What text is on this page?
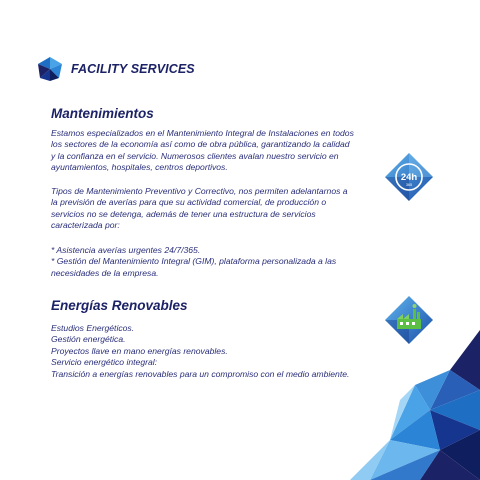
FACILITY SERVICES
Mantenimientos

Estamos especializados en el Mantenimiento Integral de Instalaciones en todos
los sectores de la economía así como de obra pública, garantizando la calidad
y la confianza en el servicio. Numerosos clientes avalan nuestro servicio en
ayuntamientos, hospitales, centros deportivos.

Tipos de Mantenimiento Preventivo y Correctivo, nos permiten adelantarnos a
la previsión de averías para que su actividad comercial, de producción o
servicios no se detenga, además de tener una estructura de servicios
caracterizada por:

* Asistencia averías urgentes 24/7/365.
* Gestión del Mantenimiento Integral (GIM), plataforma personalizada a las
necesidades de la empresa.

24h
365
Energías Renovables

Estudios Energéticos.
Gestión energética.
Proyectos llave en mano energías renovables.
Servicio energético integral:
Transición a energías renovables para un compromiso con el medio ambiente.
